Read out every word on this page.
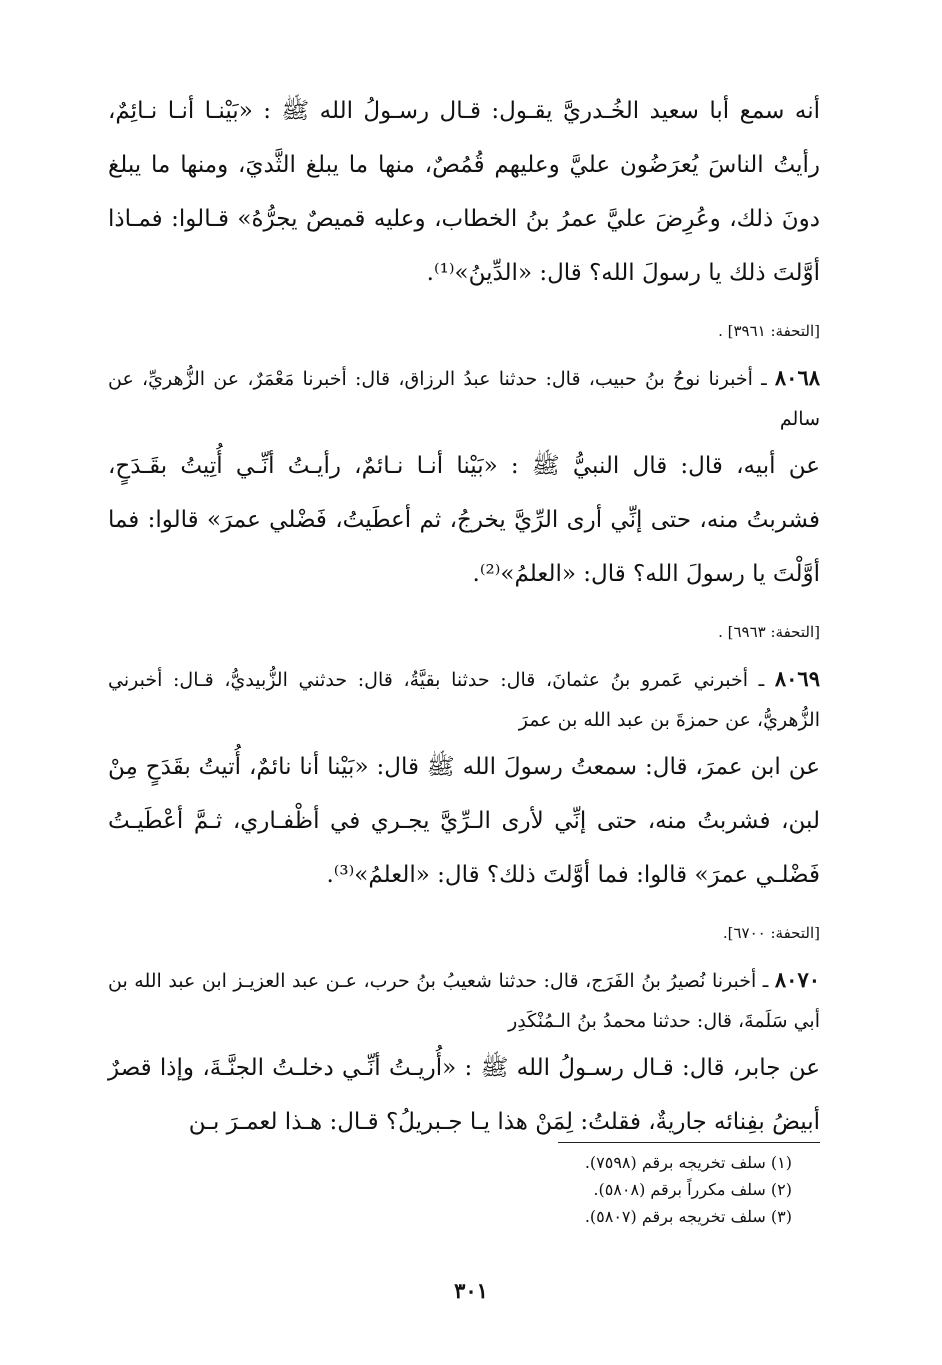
أنه سمع أبا سعيد الخُـدريَّ يقـول: قـال رسـولُ الله ﷺ : «بَيْنـا أنـا نـائِمٌ، رأيتُ الناسَ يُعرَضُون عليَّ وعليهم قُمُصٌ، منها ما يبلغ الثَّديَ، ومنها ما يبلغ دونَ ذلك، وعُرِضَ عليَّ عمرُ بنُ الخطاب، وعليه قميصٌ يجرُّهُ» قـالوا: فمـاذا أوَّلتَ ذلك يا رسولَ الله؟ قال: «الدِّينُ»⁽¹⁾.

[التحفة: ٣٩٦١] .

٨٠٦٨ ـ أخبرنا نوحُ بنُ حبيب، قال: حدثنا عبدُ الرزاق، قال: أخبرنا مَعْمَرٌ، عن الزُّهريِّ، عن سالم

عن أبيه، قال: قال النبيُّ ﷺ : «بَيْنا أنـا نـائمٌ، رأيـتُ أنِّـي أُتِيتُ بقَـدَحٍ، فشربتُ منه، حتى إنِّي أرى الرِّيَّ يخرجُ، ثم أعطَيتُ، فَضْلي عمرَ» قالوا: فما أوَّلْتَ يا رسولَ الله؟ قال: «العلمُ»⁽²⁾.

[التحفة: ٦٩٦٣] .

٨٠٦٩ ـ أخبرني عَمرو بنُ عثمانَ، قال: حدثنا بقيَّةُ، قال: حدثني الزُّبيديُّ، قـال: أخبرني الزُّهريُّ، عن حمزةَ بن عبد الله بن عمرَ

عن ابن عمرَ، قال: سمعتُ رسولَ الله ﷺ قال: «بَيْنا أنا نائمٌ، أُتيتُ بقَدَحٍ مِنْ لبن، فشربتُ منه، حتى إنِّي لأرى الـرِّيَّ يجـري في أظْفـاري، ثـمَّ أعْطَيـتُ فَضْلـي عمرَ» قالوا: فما أوَّلتَ ذلك؟ قال: «العلمُ»⁽³⁾.

[التحفة: ٦٧٠٠].

٨٠٧٠ ـ أخبرنا نُصيرُ بنُ الفَرَج، قال: حدثنا شعيبُ بنُ حرب، عـن عبد العزيـز ابن عبد الله بن أبي سَلَمةَ، قال: حدثنا محمدُ بنُ الـمُنْكَدِر

عن جابر، قال: قـال رسـولُ الله ﷺ : «أُريـتُ أنِّـي دخلـتُ الجنَّـةَ، وإذا قصرٌ أبيضُ بفِنائه جاريةٌ، فقلتُ: لِمَنْ هذا يـا جـبريلُ؟ قـال: هـذا لعمـرَ بـن

(١) سلف تخريجه برقم (٧٥٩٨).
(٢) سلف مكرراً برقم (٥٨٠٨).
(٣) سلف تخريجه برقم (٥٨٠٧).
٣٠١
